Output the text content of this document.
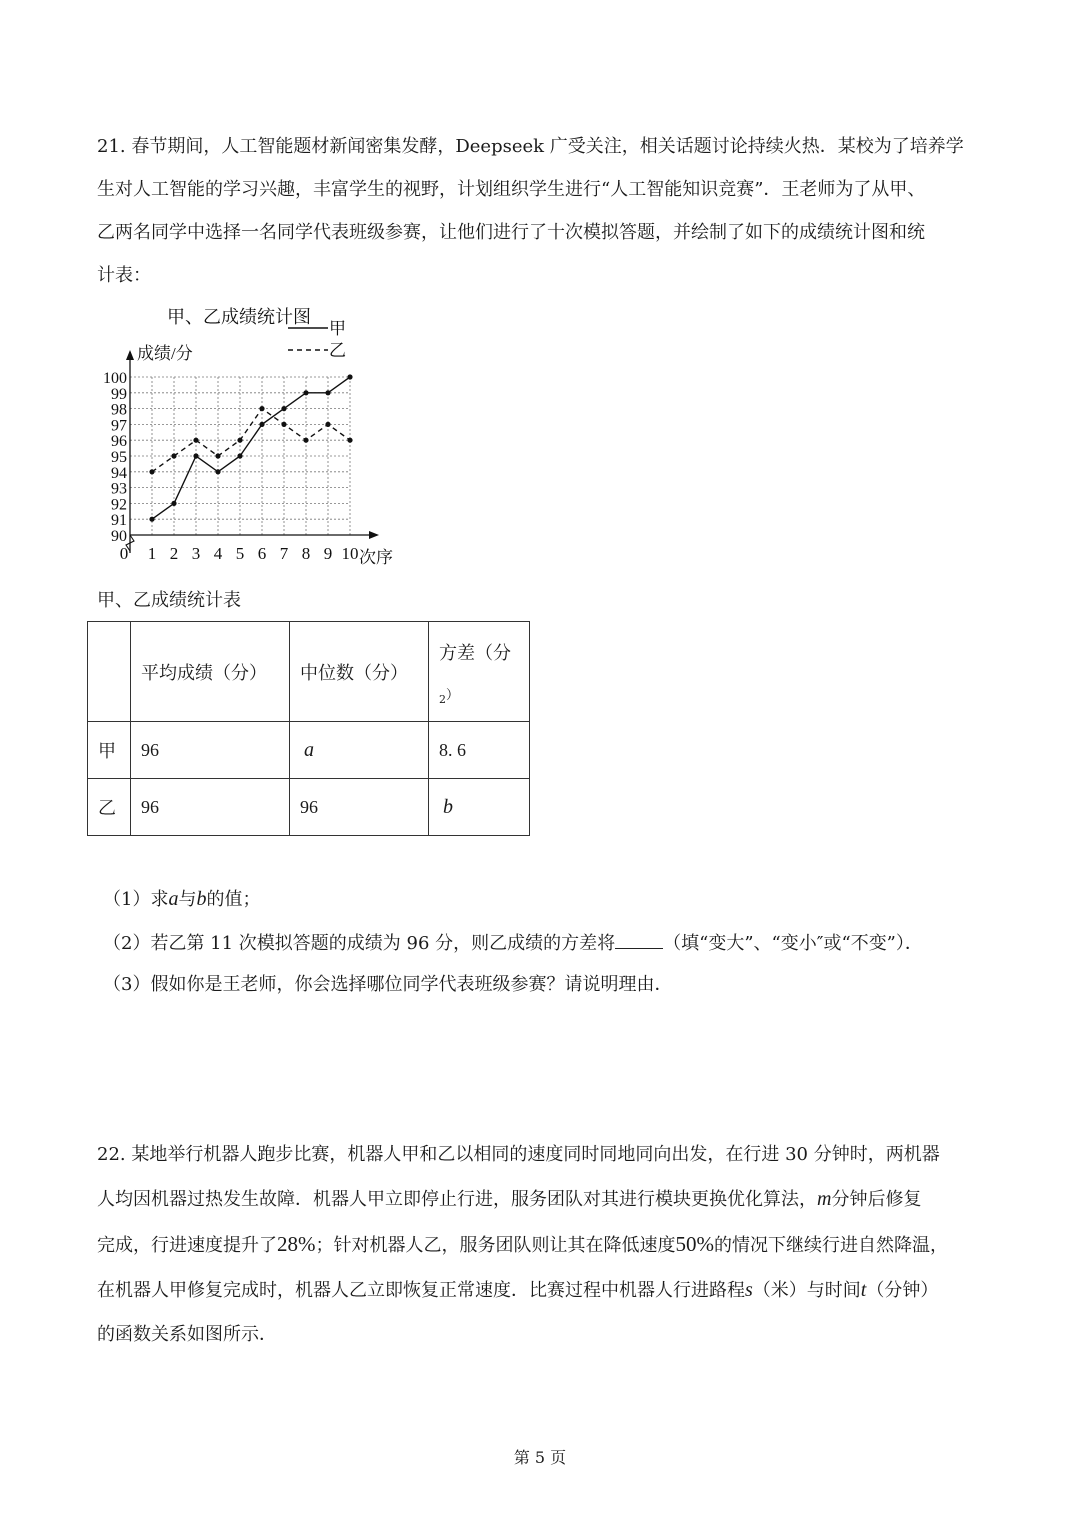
21. 春节期间，人工智能题材新闻密集发酵，Deepseek 广受关注，相关话题讨论持续火热．某校为了培养学

生对人工智能的学习兴趣，丰富学生的视野，计划组织学生进行“人工智能知识竞赛”．王老师为了从甲、

乙两名同学中选择一名同学代表班级参赛，让他们进行了十次模拟答题，并绘制了如下的成绩统计图和统

计表：

甲、乙成绩统计图
成绩/分
次序
0
90
91
92
93
94
95
96
97
98
99
100
1 2 3 4 5 6 7 8 9 10
甲
乙
甲、乙成绩统计表
	平均成绩（分）	中位数（分）	方差（分
$^2$）
甲	96	a	8. 6
乙	96	96	b
（1）求a与b的值；
（2）若乙第 11 次模拟答题的成绩为 96 分，则乙成绩的方差将	（填“变大”、“变小″或“不变”）．
（3）假如你是王老师，你会选择哪位同学代表班级参赛？请说明理由．

22. 某地举行机器人跑步比赛，机器人甲和乙以相同的速度同时同地同向出发，在行进 30 分钟时，两机器

人均因机器过热发生故障．机器人甲立即停止行进，服务团队对其进行模块更换优化算法，m分钟后修复

完成，行进速度提升了28%；针对机器人乙，服务团队则让其在降低速度50%的情况下继续行进自然降温，

在机器人甲修复完成时，机器人乙立即恢复正常速度．比赛过程中机器人行进路程s（米）与时间t（分钟）

的函数关系如图所示．

第 5 页
